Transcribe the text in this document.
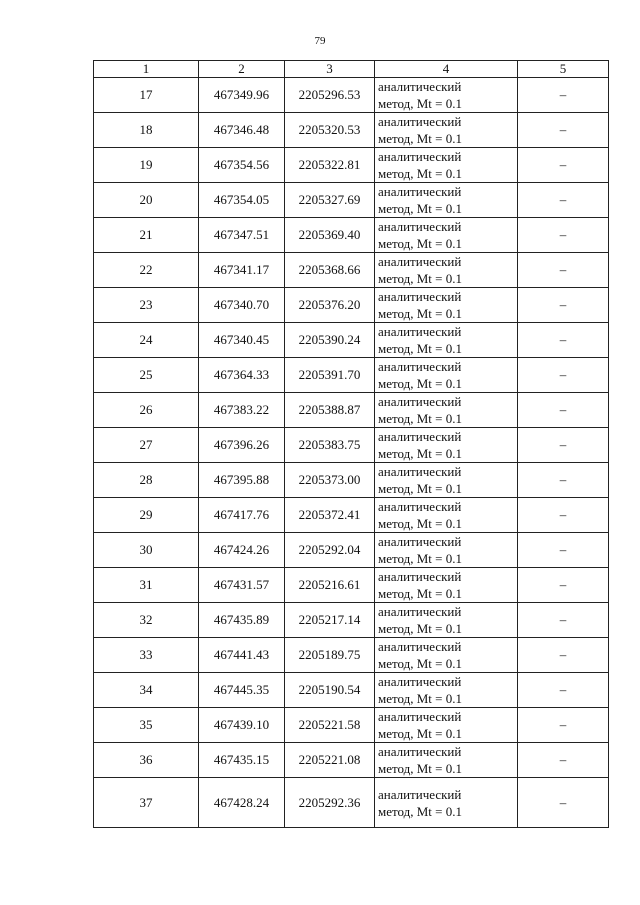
79
1	2	3	4	5
17	467349.96	2205296.53	аналитический
метод, Mt = 0.1	–
18	467346.48	2205320.53	аналитический
метод, Mt = 0.1	–
19	467354.56	2205322.81	аналитический
метод, Mt = 0.1	–
20	467354.05	2205327.69	аналитический
метод, Mt = 0.1	–
21	467347.51	2205369.40	аналитический
метод, Mt = 0.1	–
22	467341.17	2205368.66	аналитический
метод, Mt = 0.1	–
23	467340.70	2205376.20	аналитический
метод, Mt = 0.1	–
24	467340.45	2205390.24	аналитический
метод, Mt = 0.1	–
25	467364.33	2205391.70	аналитический
метод, Mt = 0.1	–
26	467383.22	2205388.87	аналитический
метод, Mt = 0.1	–
27	467396.26	2205383.75	аналитический
метод, Mt = 0.1	–
28	467395.88	2205373.00	аналитический
метод, Mt = 0.1	–
29	467417.76	2205372.41	аналитический
метод, Mt = 0.1	–
30	467424.26	2205292.04	аналитический
метод, Mt = 0.1	–
31	467431.57	2205216.61	аналитический
метод, Mt = 0.1	–
32	467435.89	2205217.14	аналитический
метод, Mt = 0.1	–
33	467441.43	2205189.75	аналитический
метод, Mt = 0.1	–
34	467445.35	2205190.54	аналитический
метод, Mt = 0.1	–
35	467439.10	2205221.58	аналитический
метод, Mt = 0.1	–
36	467435.15	2205221.08	аналитический
метод, Mt = 0.1	–
37	467428.24	2205292.36	аналитический
метод, Mt = 0.1	–
